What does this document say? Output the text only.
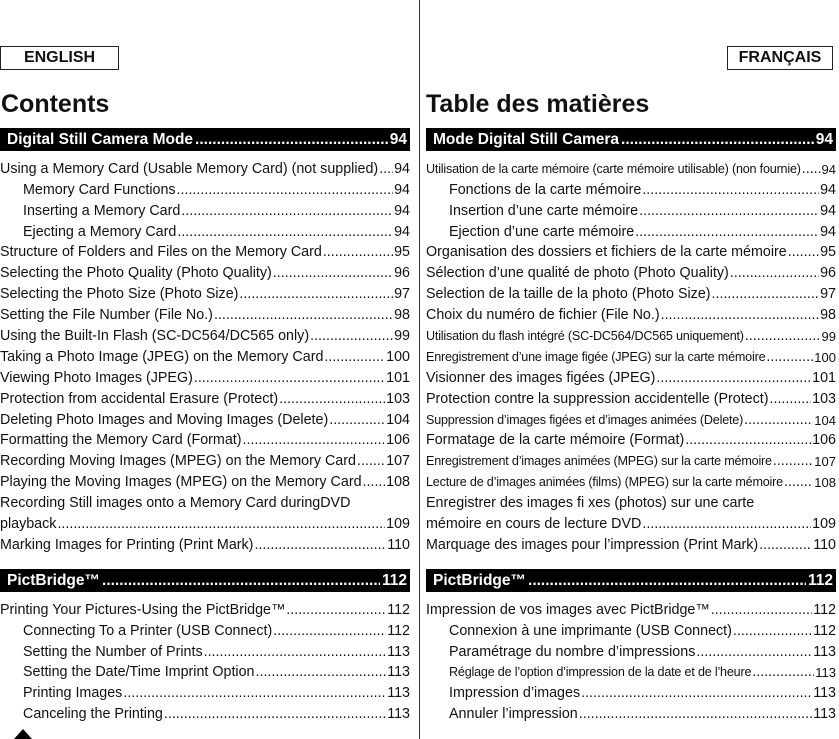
ENGLISH	FRANÇAIS
Contents	Table des matières
Digital Still Camera Mode .....	94
Using a Memory Card (Usable Memory Card) (not supplied) ..... 94
Memory Card Functions .....	94
Inserting a Memory Card .....	94
Ejecting a Memory Card .....	94
Structure of Folders and Files on the Memory Card .....	95
Selecting the Photo Quality (Photo Quality) .....	96
Selecting the Photo Size (Photo Size) .....	97
Setting the File Number (File No.) .....	98
Using the Built-In Flash (SC-DC564/DC565 only) .....	99
Taking a Photo Image (JPEG) on the Memory Card .....	100
Viewing Photo Images (JPEG) .....	101
Protection from accidental Erasure (Protect) .....	103
Deleting Photo Images and Moving Images (Delete) .....	104
Formatting the Memory Card (Format) .....	106
Recording Moving Images (MPEG) on the Memory Card ..... 107
Playing the Moving Images (MPEG) on the Memory Card ..... 108
Recording Still images onto a Memory Card duringDVD
playback .....	109
Marking Images for Printing (Print Mark) .....	110
PictBridge™ .....	112
Printing Your Pictures-Using the PictBridge™ .....	112
Connecting To a Printer (USB Connect) .....	112
Setting the Number of Prints .....	113
Setting the Date/Time Imprint Option .....	113
Printing Images .....	113
Canceling the Printing .....	113
Mode Digital Still Camera .....	94
Utilisation de la carte mémoire (carte mémoire utilisable) (non fournie) ..... 94
Fonctions de la carte mémoire .....	94
Insertion d’une carte mémoire .....	94
Ejection d’une carte mémoire .....	94
Organisation des dossiers et fichiers de la carte mémoire ..... 95
Sélection d’une qualité de photo (Photo Quality) .....	96
Selection de la taille de la photo (Photo Size) .....	97
Choix du numéro de fichier (File No.) .....	98
Utilisation du flash intégré (SC-DC564/DC565 uniquement) .....	99
Enregistrement d’une image figée (JPEG) sur la carte mémoire .....	100
Visionner des images figées (JPEG) .....	101
Protection contre la suppression accidentelle (Protect) .....	103
Suppression d’images figées et d’images animées (Delete) .....	104
Formatage de la carte mémoire (Format) .....	106
Enregistrement d’images animées (MPEG) sur la carte mémoire .....	107
Lecture de d’images animées (films) (MPEG) sur la carte mémoire ..... 108
Enregistrer des images fi xes (photos) sur une carte
mémoire en cours de lecture DVD .....	109
Marquage des images pour l’impression (Print Mark) .....	110
PictBridge™ .....	112
Impression de vos images avec PictBridge™ .....	112
Connexion à une imprimante (USB Connect) .....	112
Paramétrage du nombre d’impressions .....	113
Réglage de l’option d’impression de la date et de l’heure .....	113
Impression d’images .....	113
Annuler l’impression .....	113
